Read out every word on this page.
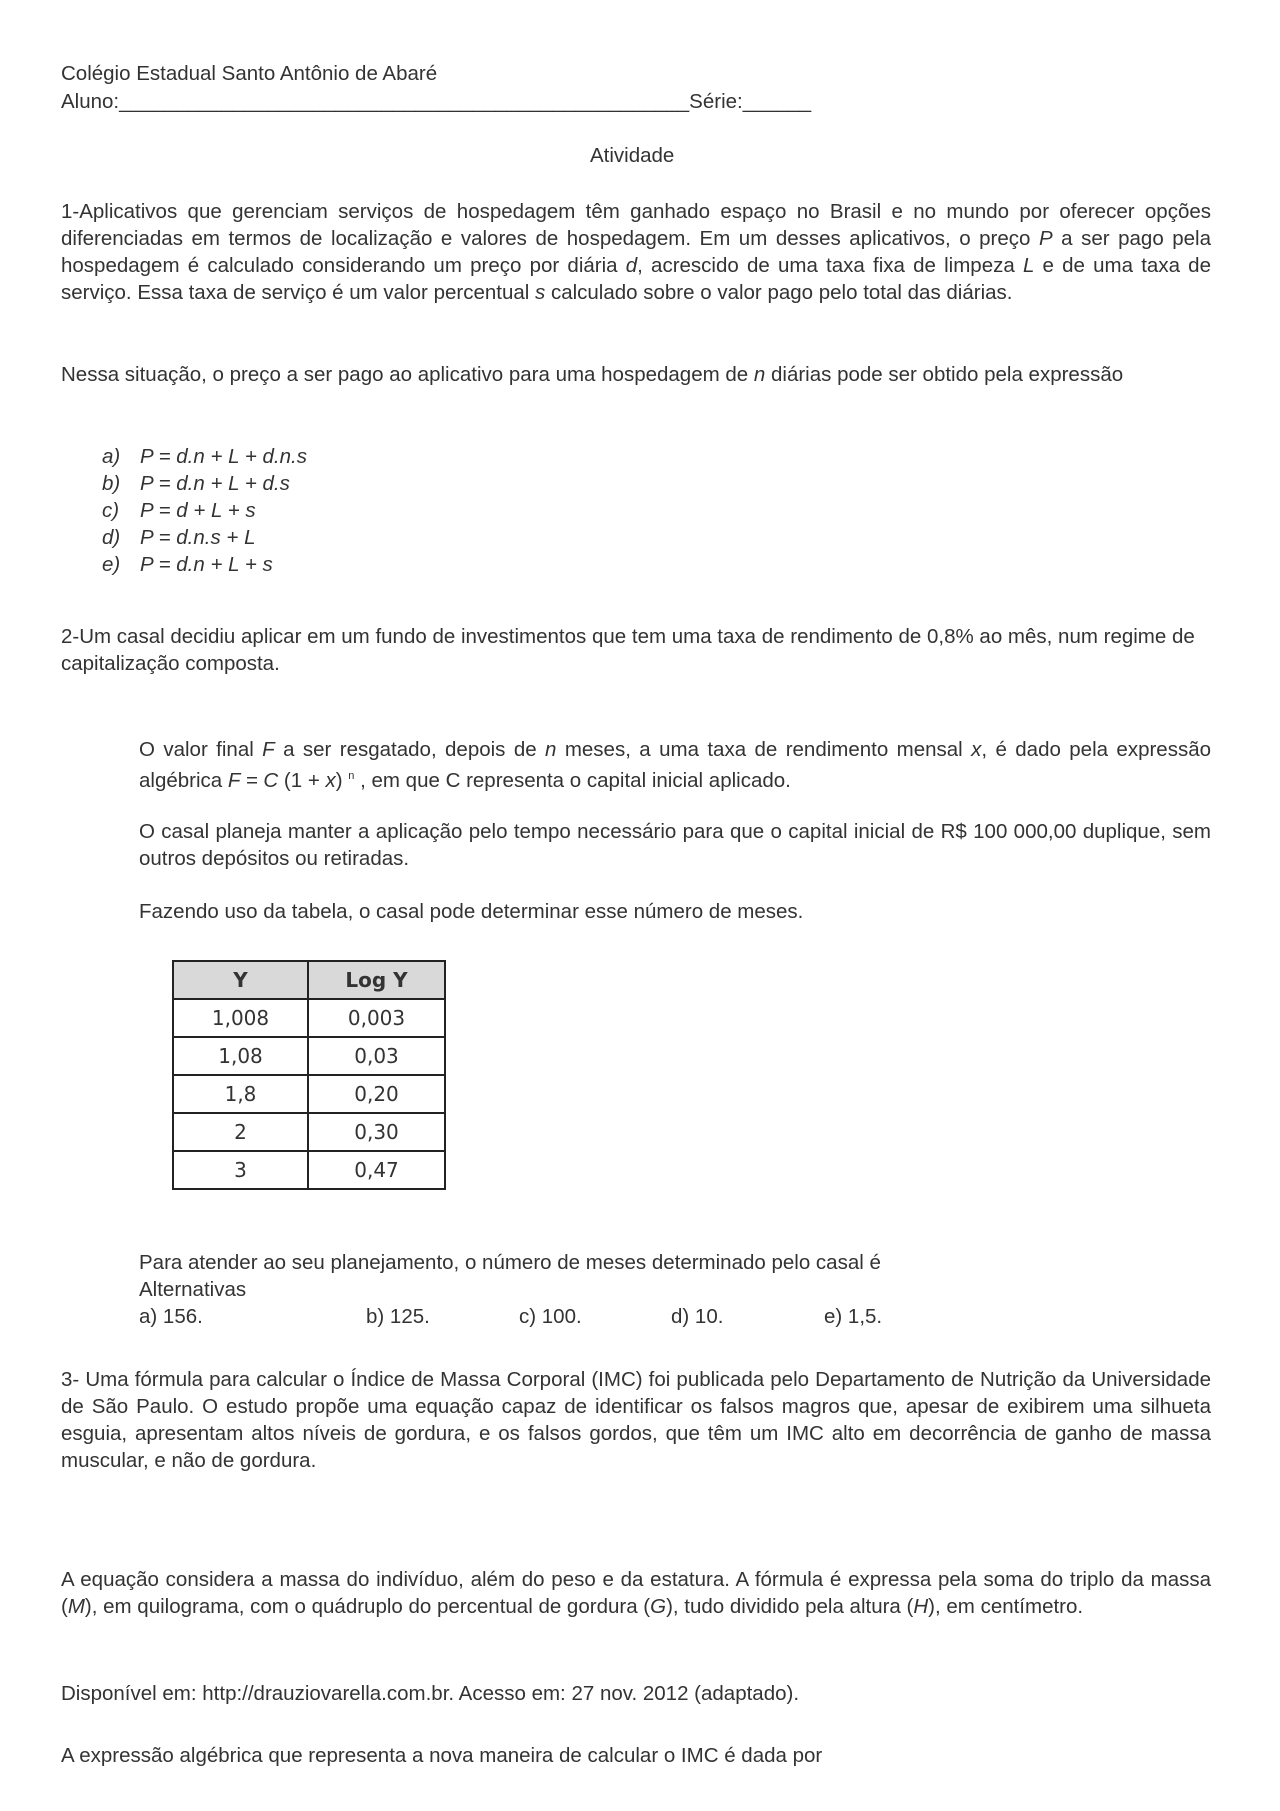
Colégio Estadual Santo Antônio de Abaré

Aluno:__________________________________________________Série:______

Atividade

1-Aplicativos que gerenciam serviços de hospedagem têm ganhado espaço no Brasil e no mundo por oferecer opções diferenciadas em termos de localização e valores de hospedagem. Em um desses aplicativos, o preço P a ser pago pela hospedagem é calculado considerando um preço por diária d, acrescido de uma taxa fixa de limpeza L e de uma taxa de serviço. Essa taxa de serviço é um valor percentual s calculado sobre o valor pago pelo total das diárias.

Nessa situação, o preço a ser pago ao aplicativo para uma hospedagem de n diárias pode ser obtido pela expressão

a) P = d.n + L + d.n.s
b) P = d.n + L + d.s
c) P = d + L + s
d) P = d.n.s + L
e) P = d.n + L + s

2-Um casal decidiu aplicar em um fundo de investimentos que tem uma taxa de rendimento de 0,8% ao mês, num regime de capitalização composta.

O valor final F a ser resgatado, depois de n meses, a uma taxa de rendimento mensal x, é dado pela expressão algébrica F = C (1 + x) $^n$ , em que C representa o capital inicial aplicado.

O casal planeja manter a aplicação pelo tempo necessário para que o capital inicial de R$ 100 000,00 duplique, sem outros depósitos ou retiradas.

Fazendo uso da tabela, o casal pode determinar esse número de meses.

Y	Log Y
1,008	0,003
1,08	0,03
1,8	0,20
2	0,30
3	0,47

Para atender ao seu planejamento, o número de meses determinado pelo casal é

Alternativas

a) 156.	b) 125.	c) 100.	d) 10.	e) 1,5.

3- Uma fórmula para calcular o Índice de Massa Corporal (IMC) foi publicada pelo Departamento de Nutrição da Universidade de São Paulo. O estudo propõe uma equação capaz de identificar os falsos magros que, apesar de exibirem uma silhueta esguia, apresentam altos níveis de gordura, e os falsos gordos, que têm um IMC alto em decorrência de ganho de massa muscular, e não de gordura.

A equação considera a massa do indivíduo, além do peso e da estatura. A fórmula é expressa pela soma do triplo da massa (M), em quilograma, com o quádruplo do percentual de gordura (G), tudo dividido pela altura (H), em centímetro.

Disponível em: http://drauziovarella.com.br. Acesso em: 27 nov. 2012 (adaptado).

A expressão algébrica que representa a nova maneira de calcular o IMC é dada por
